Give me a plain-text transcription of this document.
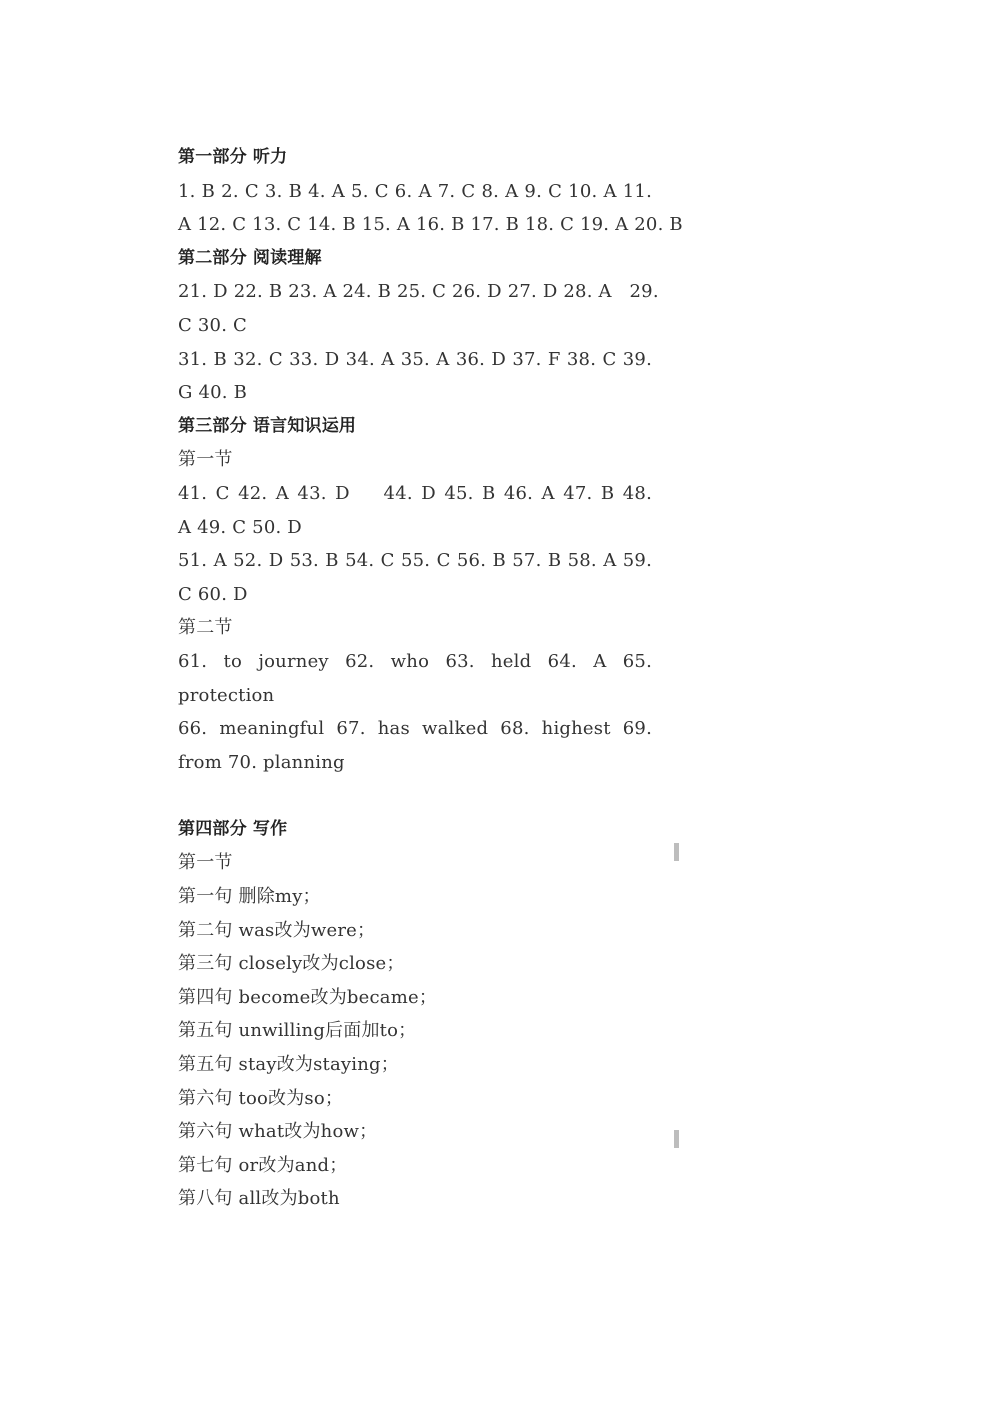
第一部分 听力
1. B 2. C 3. B 4. A 5. C 6. A 7. C 8. A 9. C 10. A 11.
A 12. C 13. C 14. B 15. A 16. B 17. B 18. C 19. A 20. B
第二部分 阅读理解
21. D 22. B 23. A 24. B 25. C 26. D 27. D 28. A   29.
C 30. C
31. B 32. C 33. D 34. A 35. A 36. D 37. F 38. C 39.
G 40. B
第三部分 语言知识运用
第一节
41. C 42. A 43. D    44. D 45. B 46. A 47. B 48.
A 49. C 50. D
51. A 52. D 53. B 54. C 55. C 56. B 57. B 58. A 59.
C 60. D
第二节
61. to journey 62. who 63. held 64. A 65.
protection
66. meaningful 67. has walked 68. highest 69.
from 70. planning
第四部分 写作
第一节
第一句 删除my；
第二句 was改为were；
第三句 closely改为close；
第四句 become改为became；
第五句 unwilling后面加to；
第五句 stay改为staying；
第六句 too改为so；
第六句 what改为how；
第七句 or改为and；
第八句 all改为both
